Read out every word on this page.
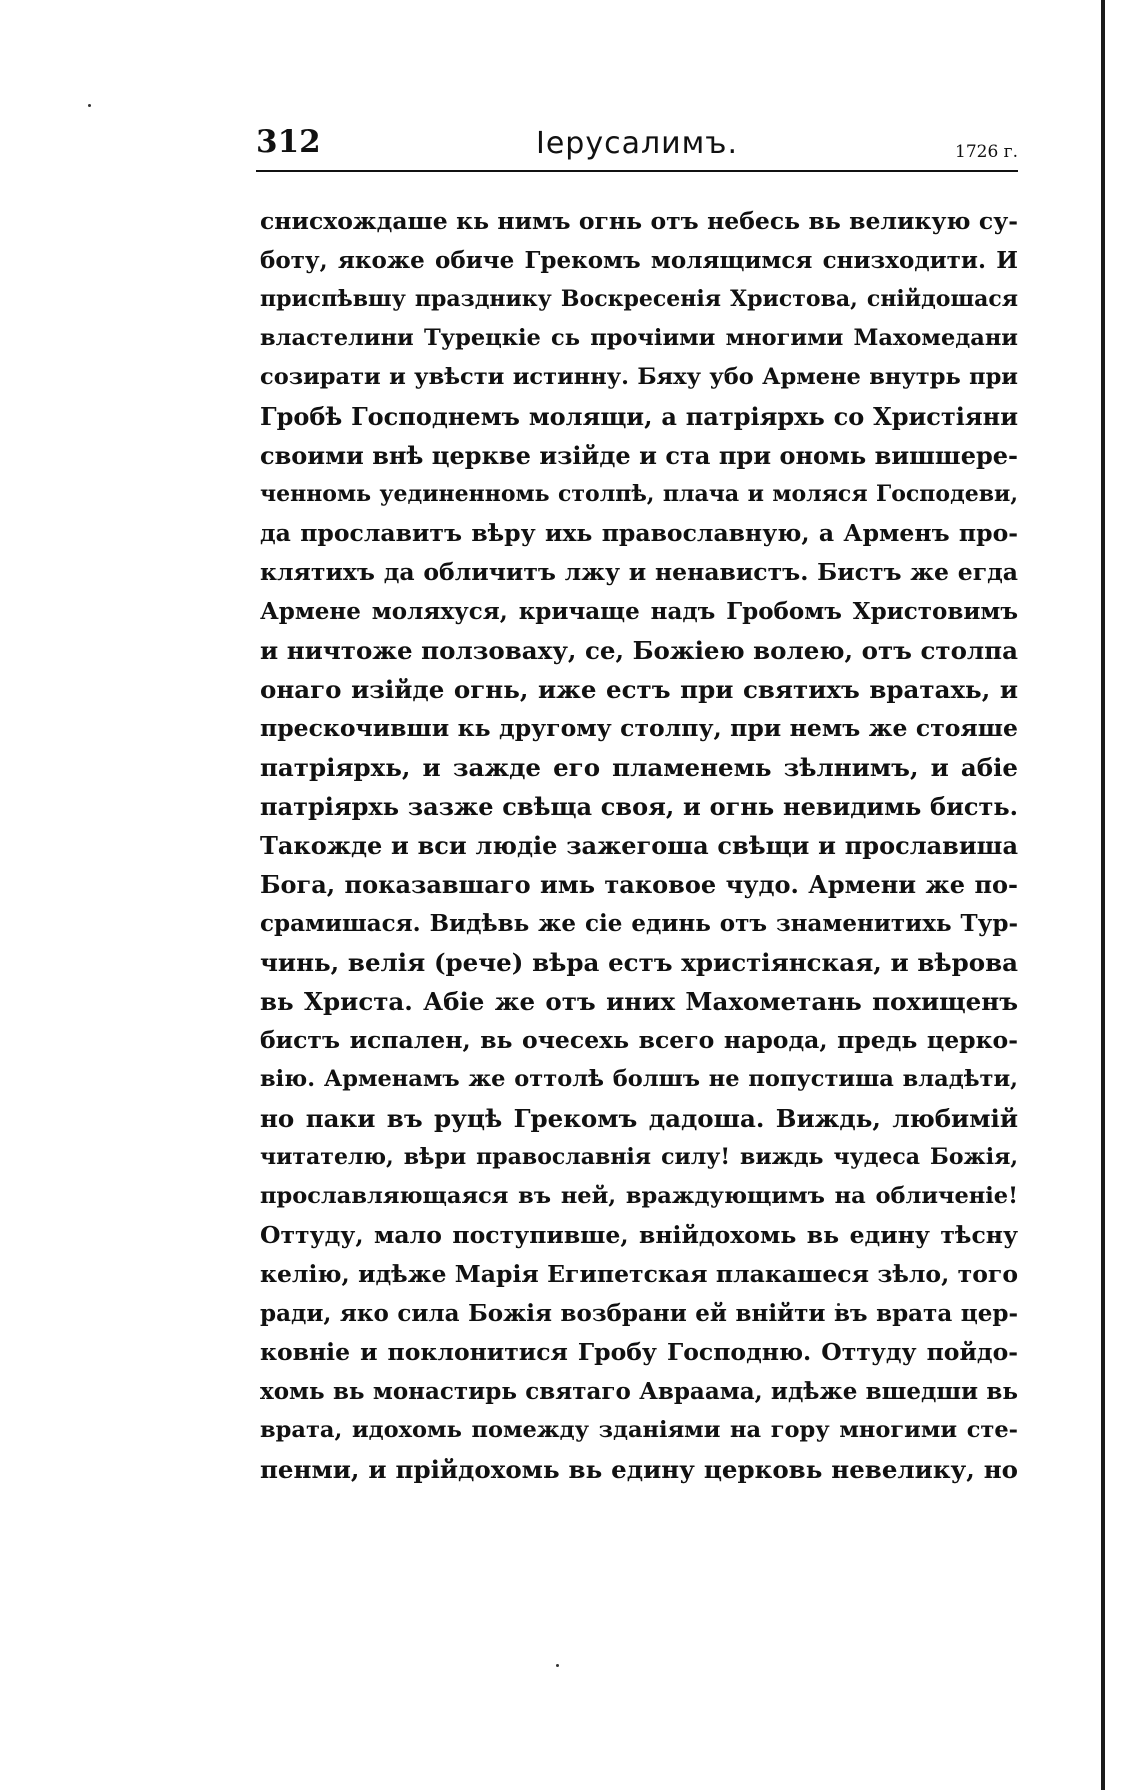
312	Іерусалимъ.	1726 г.
снисхождаше кь нимъ огнь отъ небесь вь великую су-
боту, якоже обиче Грекомъ молящимся снизходити. И
приспѣвшу празднику Воскресенія Христова, снійдошася
властелини Турецкіе сь прочіими многими Махомедани
созирати и увѣсти истинну. Бяху убо Армене внутрь при
Гробѣ Господнемъ молящи, а патріярхь со Христіяни
своими внѣ церкве изійде и ста при ономь вишшере-
ченномь уединенномь столпѣ, плача и моляся Господеви,
да прославитъ вѣру ихь православную, а Арменъ про-
клятихъ да обличитъ лжу и ненавистъ. Бистъ же егда
Армене моляхуся, кричаще надъ Гробомъ Христовимъ
и ничтоже ползоваху, се, Божіею волею, отъ столпа
онаго изійде огнь, иже естъ при святихъ вратахь, и
прескочивши кь другому столпу, при немъ же стояше
патріярхь, и зажде его пламенемь зѣлнимъ, и абіе
патріярхь зазже свѣща своя, и огнь невидимь бисть.
Такожде и вси людіе зажегоша свѣщи и прославиша
Бога, показавшаго имь таковое чудо. Армени же по-
срамишася. Видѣвь же сіе единь отъ знаменитихь Тур-
чинь, велія (рече) вѣра естъ христіянская, и вѣрова
вь Христа. Абіе же отъ иних Махометань похищенъ
бистъ испален, вь очесехь всего народа, предь церко-
вію. Арменамъ же оттолѣ болшъ не попустиша владѣти,
но паки въ руцѣ Грекомъ дадоша. Виждь, любимій
читателю, вѣри православнія силу! виждь чудеса Божія,
прославляющаяся въ ней, враждующимъ на обличеніе!
Оттуду, мало поступивше, внійдохомь вь едину тѣсну
келію, идѣже Марія Египетская плакашеся зѣло, того
ради, яко сила Божія возбрани ей внійти въ врата цер-
ковніе и поклонитися Гробу Господню. Оттуду пойдо-
хомь вь монастирь святаго Авраама, идѣже вшедши вь
врата, идохомь помежду зданіями на гору многими сте-
пенми, и прійдохомь вь едину церковь невелику, но
